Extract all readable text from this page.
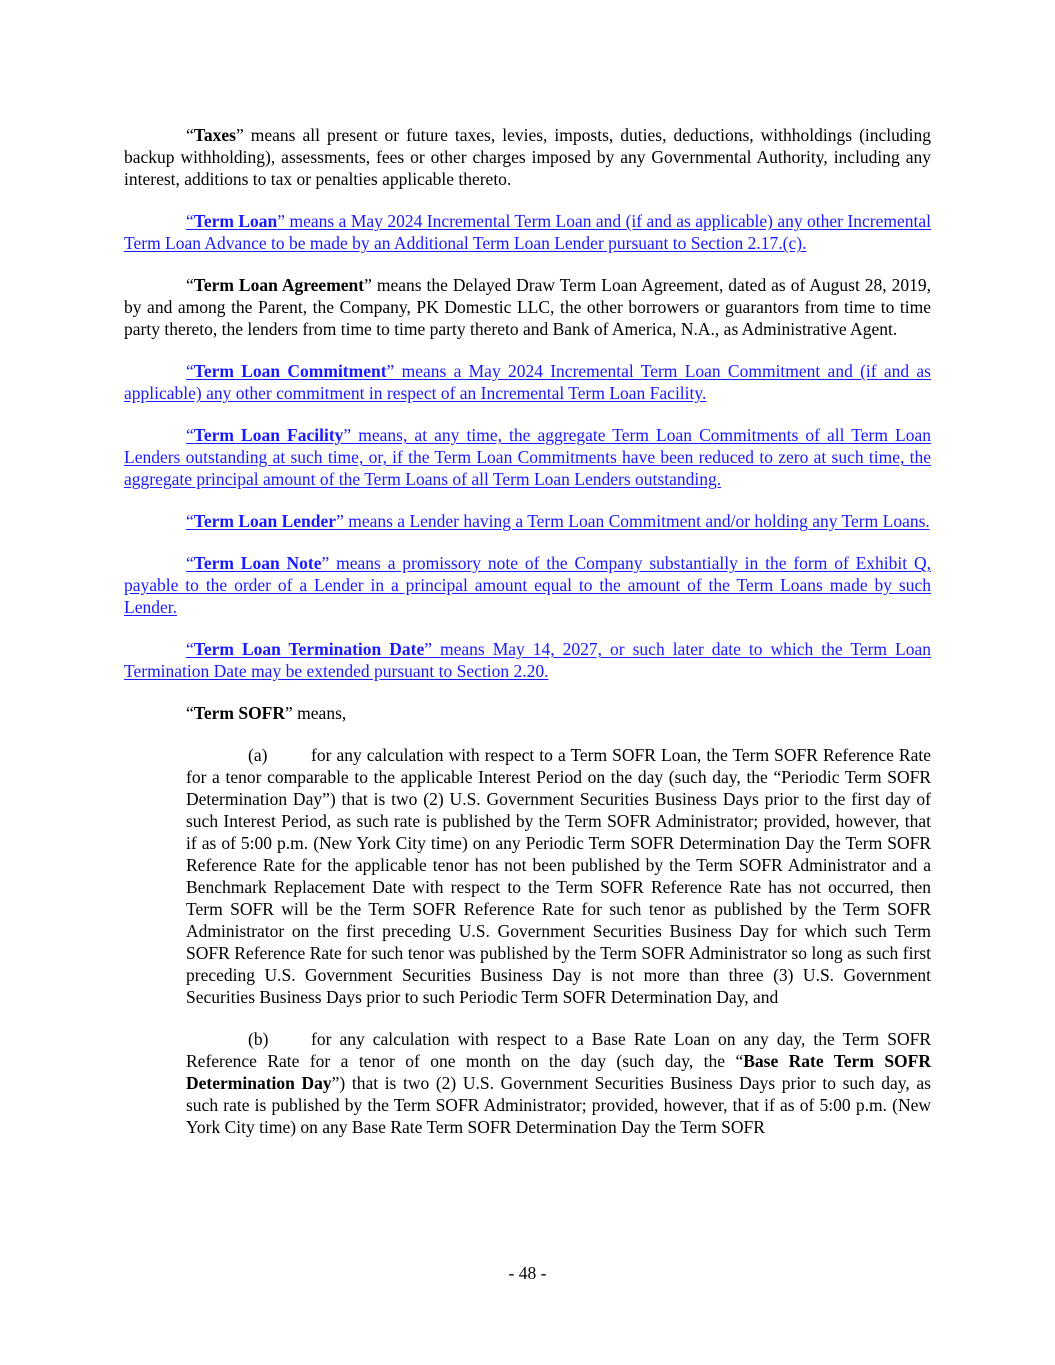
“Taxes” means all present or future taxes, levies, imposts, duties, deductions, withholdings (including backup withholding), assessments, fees or other charges imposed by any Governmental Authority, including any interest, additions to tax or penalties applicable thereto.

“Term Loan” means a May 2024 Incremental Term Loan and (if and as applicable) any other Incremental Term Loan Advance to be made by an Additional Term Loan Lender pursuant to Section 2.17.(c).

“Term Loan Agreement” means the Delayed Draw Term Loan Agreement, dated as of August 28, 2019, by and among the Parent, the Company, PK Domestic LLC, the other borrowers or guarantors from time to time party thereto, the lenders from time to time party thereto and Bank of America, N.A., as Administrative Agent.

“Term Loan Commitment” means a May 2024 Incremental Term Loan Commitment and (if and as applicable) any other commitment in respect of an Incremental Term Loan Facility.

“Term Loan Facility” means, at any time, the aggregate Term Loan Commitments of all Term Loan Lenders outstanding at such time, or, if the Term Loan Commitments have been reduced to zero at such time, the aggregate principal amount of the Term Loans of all Term Loan Lenders outstanding.

“Term Loan Lender” means a Lender having a Term Loan Commitment and/or holding any Term Loans.

“Term Loan Note” means a promissory note of the Company substantially in the form of Exhibit Q, payable to the order of a Lender in a principal amount equal to the amount of the Term Loans made by such Lender.

“Term Loan Termination Date” means May 14, 2027, or such later date to which the Term Loan Termination Date may be extended pursuant to Section 2.20.

“Term SOFR” means,

(a) for any calculation with respect to a Term SOFR Loan, the Term SOFR Reference Rate for a tenor comparable to the applicable Interest Period on the day (such day, the “Periodic Term SOFR Determination Day”) that is two (2) U.S. Government Securities Business Days prior to the first day of such Interest Period, as such rate is published by the Term SOFR Administrator; provided, however, that if as of 5:00 p.m. (New York City time) on any Periodic Term SOFR Determination Day the Term SOFR Reference Rate for the applicable tenor has not been published by the Term SOFR Administrator and a Benchmark Replacement Date with respect to the Term SOFR Reference Rate has not occurred, then Term SOFR will be the Term SOFR Reference Rate for such tenor as published by the Term SOFR Administrator on the first preceding U.S. Government Securities Business Day for which such Term SOFR Reference Rate for such tenor was published by the Term SOFR Administrator so long as such first preceding U.S. Government Securities Business Day is not more than three (3) U.S. Government Securities Business Days prior to such Periodic Term SOFR Determination Day, and

(b) for any calculation with respect to a Base Rate Loan on any day, the Term SOFR Reference Rate for a tenor of one month on the day (such day, the “Base Rate Term SOFR Determination Day”) that is two (2) U.S. Government Securities Business Days prior to such day, as such rate is published by the Term SOFR Administrator; provided, however, that if as of 5:00 p.m. (New York City time) on any Base Rate Term SOFR Determination Day the Term SOFR

- 48 -
